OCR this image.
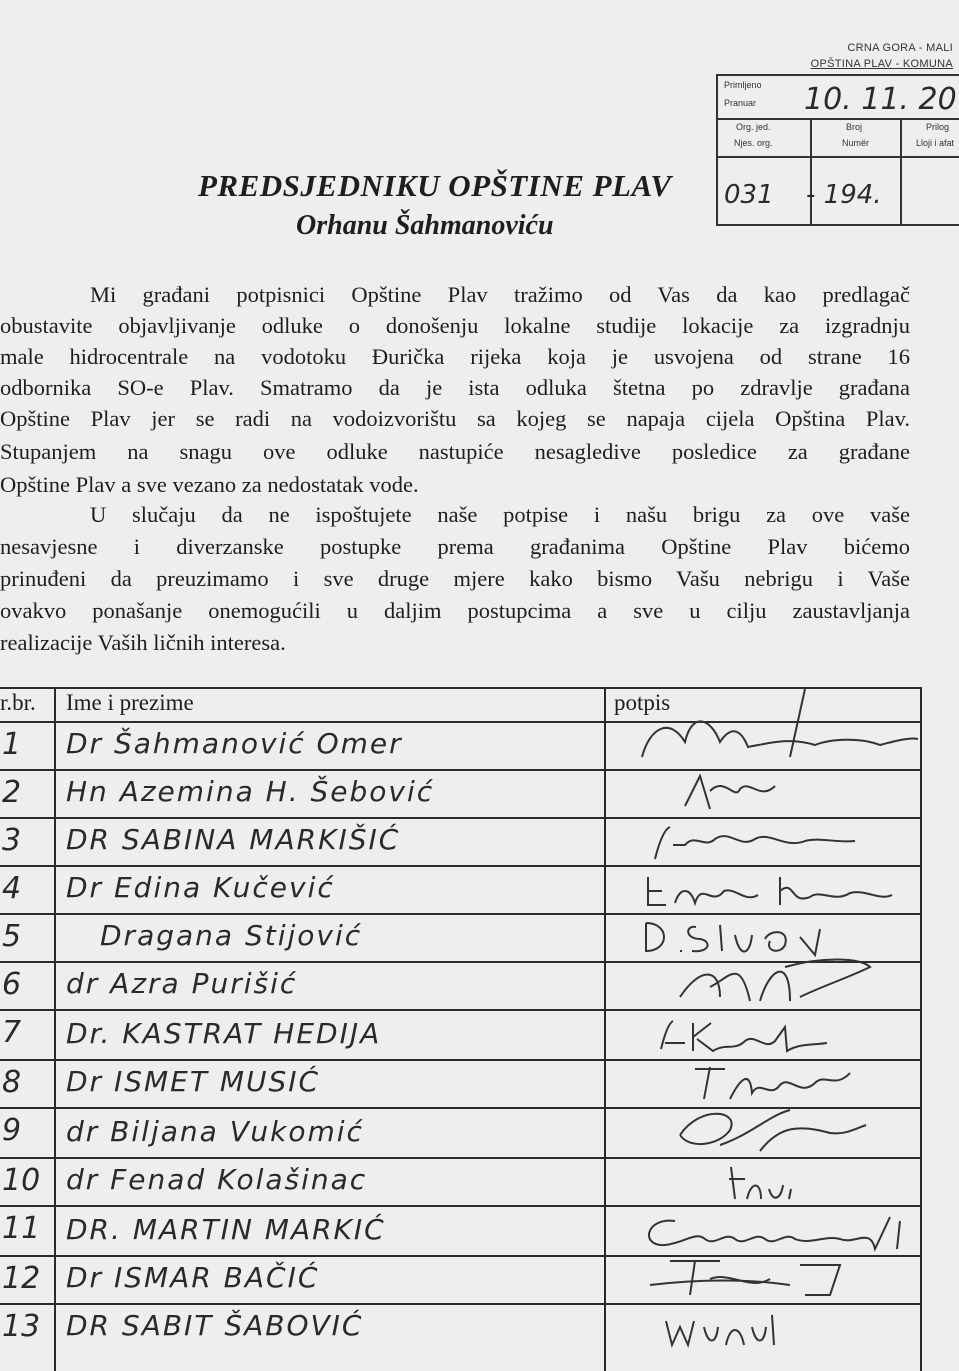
CRNA GORA - MALI
OPŠTINA PLAV - KOMUNA
Primljeno
Pranuar 10. 11. 20
Org. jed.
Njes. org.
Broj
Numër
Prilog
Lloji i afat
031 - 194.
PREDSJEDNIKU OPŠTINE PLAV
Orhanu Šahmanoviću
Mi građani potpisnici Opštine Plav tražimo od Vas da kao predlagač
obustavite objavljivanje odluke o donošenju lokalne studije lokacije za izgradnju
male hidrocentrale na vodotoku Đurička rijeka koja je usvojena od strane 16
odbornika SO-e Plav. Smatramo da je ista odluka štetna po zdravlje građana
Opštine Plav jer se radi na vodoizvorištu sa kojeg se napaja cijela Opština Plav.
Stupanjem na snagu ove odluke nastupiće nesagledive posledice za građane
Opštine Plav a sve vezano za nedostatak vode.
U slučaju da ne ispoštujete naše potpise i našu brigu za ove vaše
nesavjesne i diverzanske postupke prema građanima Opštine Plav bićemo
prinuđeni da preuzimamo i sve druge mjere kako bismo Vašu nebrigu i Vaše
ovakvo ponašanje onemogućili u daljim postupcima a sve u cilju zaustavljanja
realizacije Vaših ličnih interesa.
r.br. Ime i prezime	potpis
1 Dr Šahmanović Omer
2 Hn Azemina H. Šebović
3 DR SABINA MARKIŠIĆ
4 Dr Edina Kučević
5	Dragana Stijović
6 dr Azra Purišić
7 Dr. KASTRAT HEDIJA
8 Dr ISMET MUSIĆ
9 dr Biljana Vukomić
10 dr Fenad Kolašinac
11 DR. MARTIN MARKIĆ
12 Dr ISMAR BAČIĆ
13 DR SABIT ŠABOVIĆ
